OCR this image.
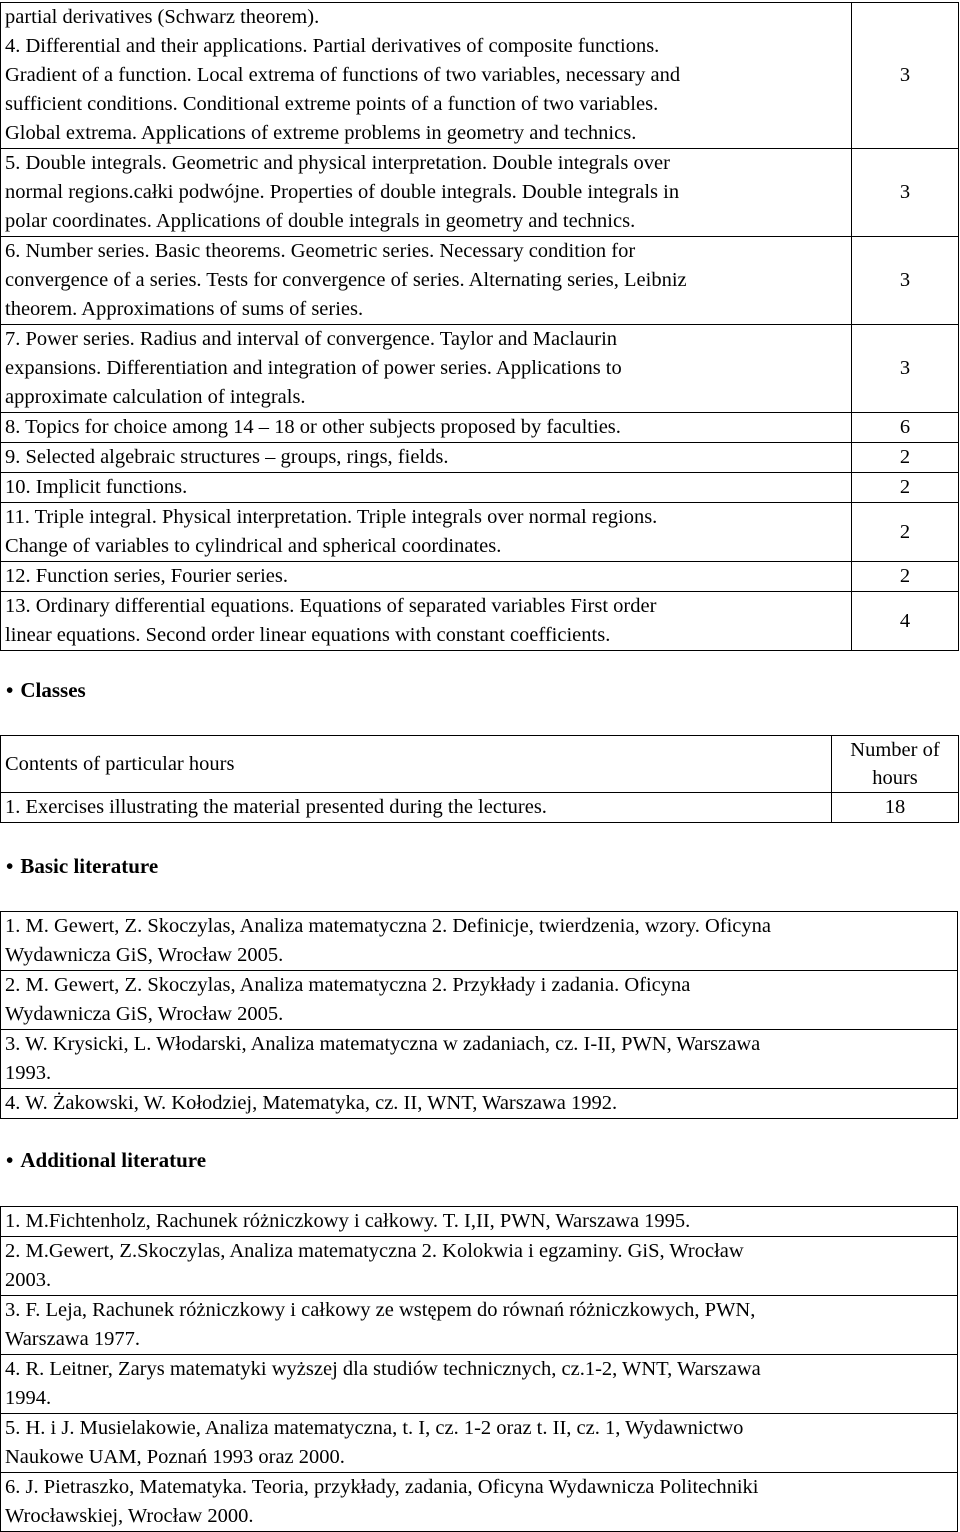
partial derivatives (Schwarz theorem).
4. Differential and their applications. Partial derivatives of composite functions.
Gradient of a function. Local extrema of functions of two variables, necessary and
sufficient conditions. Conditional extreme points of a function of two variables.
Global extrema. Applications of extreme problems in geometry and technics.	3
5. Double integrals. Geometric and physical interpretation. Double integrals over
normal regions.całki podwójne. Properties of double integrals. Double integrals in
polar coordinates. Applications of double integrals in geometry and technics.	3
6. Number series. Basic theorems. Geometric series. Necessary condition for
convergence of a series. Tests for convergence of series. Alternating series, Leibniz
theorem. Approximations of sums of series.	3
7. Power series. Radius and interval of convergence. Taylor and Maclaurin
expansions. Differentiation and integration of power series. Applications to
approximate calculation of integrals.	3
8. Topics for choice among 14 – 18 or other subjects proposed by faculties.	6
9. Selected algebraic structures – groups, rings, fields.	2
10. Implicit functions.	2
11. Triple integral. Physical interpretation. Triple integrals over normal regions.
Change of variables to cylindrical and spherical coordinates.	2
12. Function series, Fourier series.	2
13. Ordinary differential equations. Equations of separated variables First order
linear equations. Second order linear equations with constant coefficients.	4
• Classes
Contents of particular hours	Number of
hours
1. Exercises illustrating the material presented during the lectures.	18
• Basic literature
1. M. Gewert, Z. Skoczylas, Analiza matematyczna 2. Definicje, twierdzenia, wzory. Oficyna
Wydawnicza GiS, Wrocław 2005.
2. M. Gewert, Z. Skoczylas, Analiza matematyczna 2. Przykłady i zadania. Oficyna
Wydawnicza GiS, Wrocław 2005.
3. W. Krysicki, L. Włodarski, Analiza matematyczna w zadaniach, cz. I-II, PWN, Warszawa
1993.
4. W. Żakowski, W. Kołodziej, Matematyka, cz. II, WNT, Warszawa 1992.
• Additional literature
1. M.Fichtenholz, Rachunek różniczkowy i całkowy. T. I,II, PWN, Warszawa 1995.
2. M.Gewert, Z.Skoczylas, Analiza matematyczna 2. Kolokwia i egzaminy. GiS, Wrocław
2003.
3. F. Leja, Rachunek różniczkowy i całkowy ze wstępem do równań różniczkowych, PWN,
Warszawa 1977.
4. R. Leitner, Zarys matematyki wyższej dla studiów technicznych, cz.1-2, WNT, Warszawa
1994.
5. H. i J. Musielakowie, Analiza matematyczna, t. I, cz. 1-2 oraz t. II, cz. 1, Wydawnictwo
Naukowe UAM, Poznań 1993 oraz 2000.
6. J. Pietraszko, Matematyka. Teoria, przykłady, zadania, Oficyna Wydawnicza Politechniki
Wrocławskiej, Wrocław 2000.
